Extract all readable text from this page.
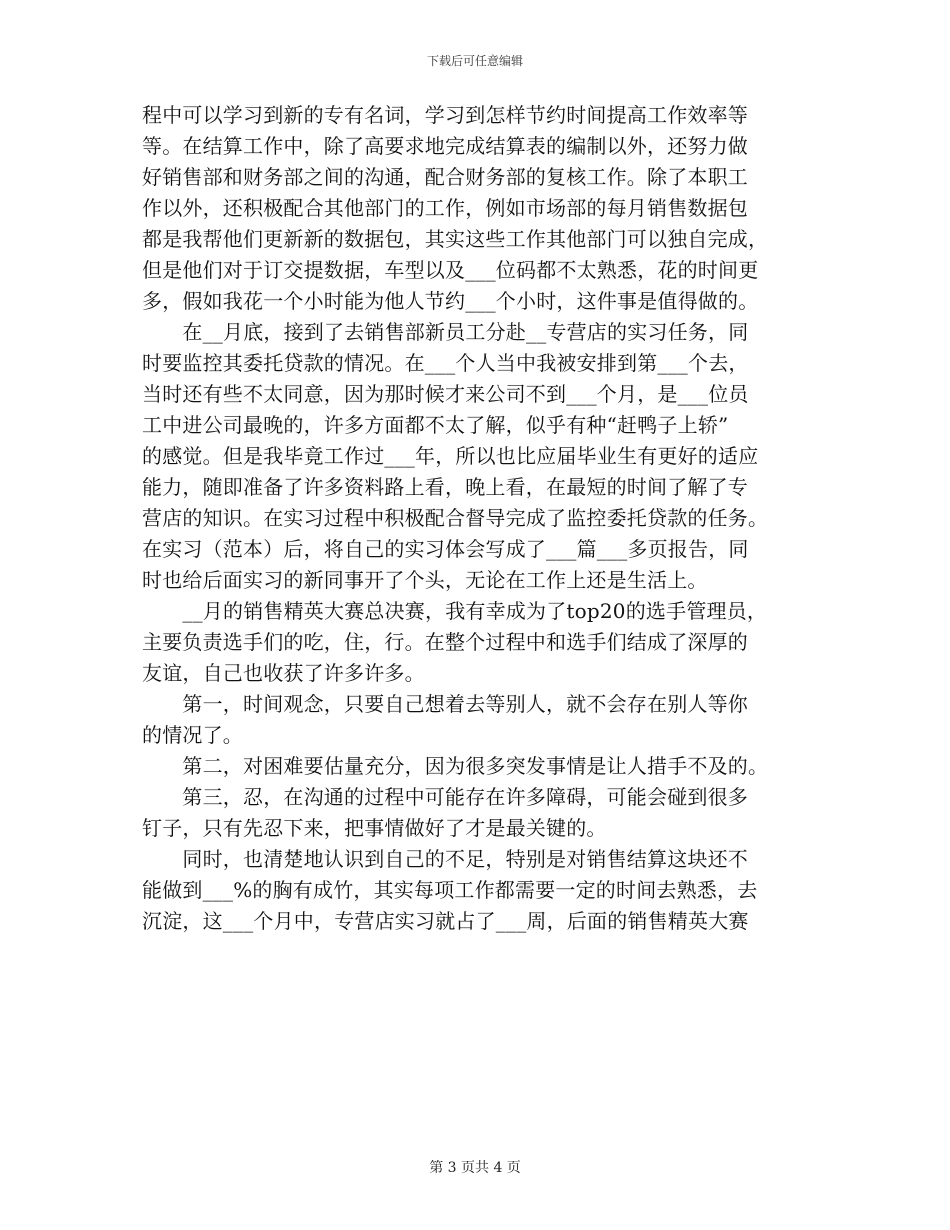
下载后可任意编辑
程中可以学习到新的专有名词，学习到怎样节约时间提高工作效率等
等。在结算工作中，除了高要求地完成结算表的编制以外，还努力做
好销售部和财务部之间的沟通，配合财务部的复核工作。除了本职工
作以外，还积极配合其他部门的工作，例如市场部的每月销售数据包
都是我帮他们更新新的数据包，其实这些工作其他部门可以独自完成，
但是他们对于订交提数据，车型以及___位码都不太熟悉，花的时间更
多，假如我花一个小时能为他人节约___个小时，这件事是值得做的。
　　在__月底，接到了去销售部新员工分赴__专营店的实习任务，同
时要监控其委托贷款的情况。在___个人当中我被安排到第___个去，
当时还有些不太同意，因为那时候才来公司不到___个月，是___位员
工中进公司最晚的，许多方面都不太了解，似乎有种“赶鸭子上轿”
的感觉。但是我毕竟工作过___年，所以也比应届毕业生有更好的适应
能力，随即准备了许多资料路上看，晚上看，在最短的时间了解了专
营店的知识。在实习过程中积极配合督导完成了监控委托贷款的任务。
在实习（范本）后，将自己的实习体会写成了___篇___多页报告，同
时也给后面实习的新同事开了个头，无论在工作上还是生活上。
　　__月的销售精英大赛总决赛，我有幸成为了top20的选手管理员，
主要负责选手们的吃，住，行。在整个过程中和选手们结成了深厚的
友谊，自己也收获了许多许多。
　　第一，时间观念，只要自己想着去等别人，就不会存在别人等你
的情况了。
　　第二，对困难要估量充分，因为很多突发事情是让人措手不及的。
　　第三，忍，在沟通的过程中可能存在许多障碍，可能会碰到很多
钉子，只有先忍下来，把事情做好了才是最关键的。
　　同时，也清楚地认识到自己的不足，特别是对销售结算这块还不
能做到___%的胸有成竹，其实每项工作都需要一定的时间去熟悉，去
沉淀，这___个月中，专营店实习就占了___周，后面的销售精英大赛
第 3 页共 4 页
